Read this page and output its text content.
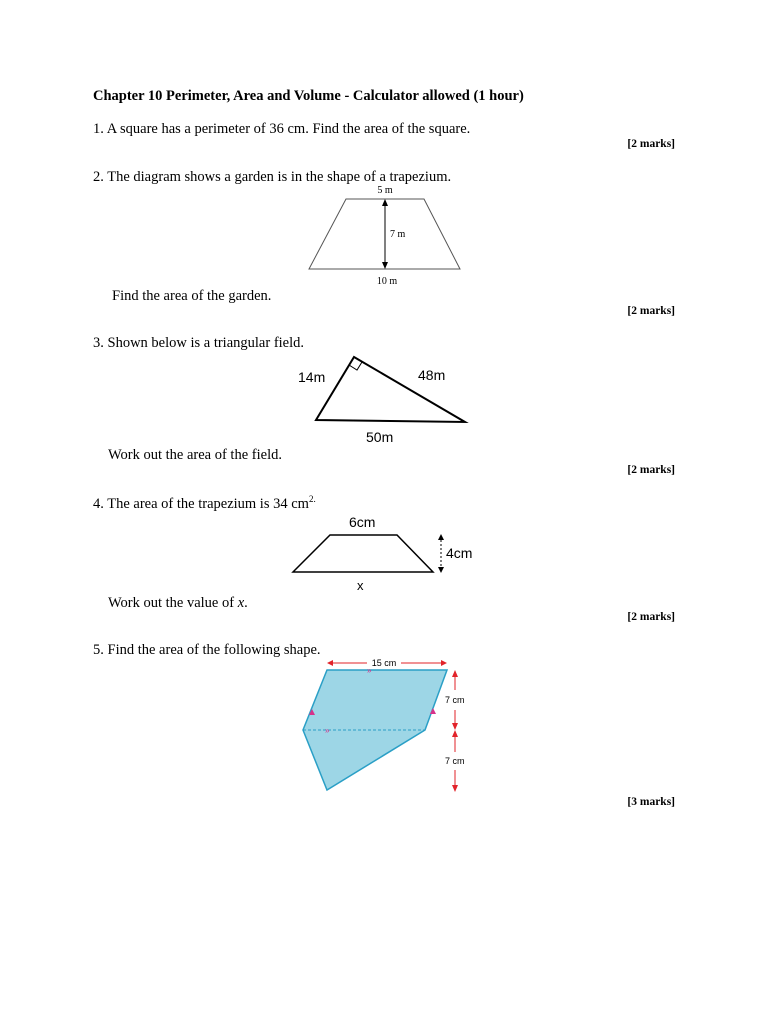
Chapter 10 Perimeter, Area and Volume - Calculator allowed (1 hour)
1. A square has a perimeter of 36 cm. Find the area of the square.
[2 marks]
2. The diagram shows a garden is in the shape of a trapezium.
5 m
7 m
10 m
Find the area of the garden.
[2 marks]
3. Shown below is a triangular field.
14m	48m
50m
Work out the area of the field.
[2 marks]
4. The area of the trapezium is 34 $cm^{2.}$
6cm
4cm
x
Work out the value of x.
[2 marks]
5. Find the area of the following shape.
»
»
15 cm
7 cm
7 cm
[3 marks]
